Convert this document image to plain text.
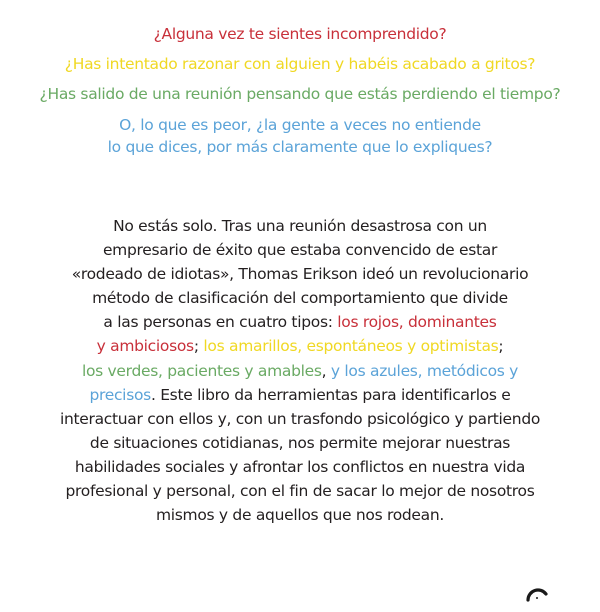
¿Alguna vez te sientes incomprendido?

¿Has intentado razonar con alguien y habéis acabado a gritos?

¿Has salido de una reunión pensando que estás perdiendo el tiempo?

O, lo que es peor, ¿la gente a veces no entiende
lo que dices, por más claramente que lo expliques?

No estás solo. Tras una reunión desastrosa con un
empresario de éxito que estaba convencido de estar
«rodeado de idiotas», Thomas Erikson ideó un revolucionario
método de clasificación del comportamiento que divide
a las personas en cuatro tipos: los rojos, dominantes
y ambiciosos; los amarillos, espontáneos y optimistas;
los verdes, pacientes y amables, y los azules, metódicos y
precisos. Este libro da herramientas para identificarlos e
interactuar con ellos y, con un trasfondo psicológico y partiendo
de situaciones cotidianas, nos permite mejorar nuestras
habilidades sociales y afrontar los conflictos en nuestra vida
profesional y personal, con el fin de sacar lo mejor de nosotros
mismos y de aquellos que nos rodean.
